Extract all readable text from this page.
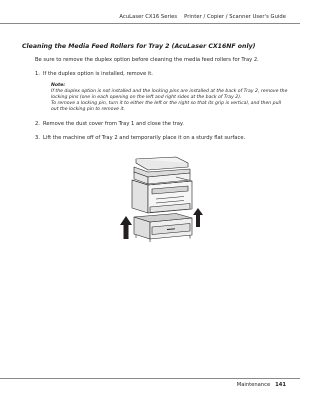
AcuLaser CX16 Series Printer / Copier / Scanner User's Guide
Cleaning the Media Feed Rollers for Tray 2 (AcuLaser CX16NF only)
Be sure to remove the duplex option before cleaning the media feed rollers for Tray 2.
1. If the duplex option is installed, remove it.
Note:
If the duplex option is not installed and the locking pins are installed at the back of Tray 2, remove the
locking pins (one in each opening on the left and right sides at the back of Tray 2).
To remove a locking pin, turn it to either the left or the right so that its grip is vertical, and then pull
out the locking pin to remove it.
2. Remove the dust cover from Tray 1 and close the tray.
3. Lift the machine off of Tray 2 and temporarily place it on a sturdy flat surface.
Maintenance 141
